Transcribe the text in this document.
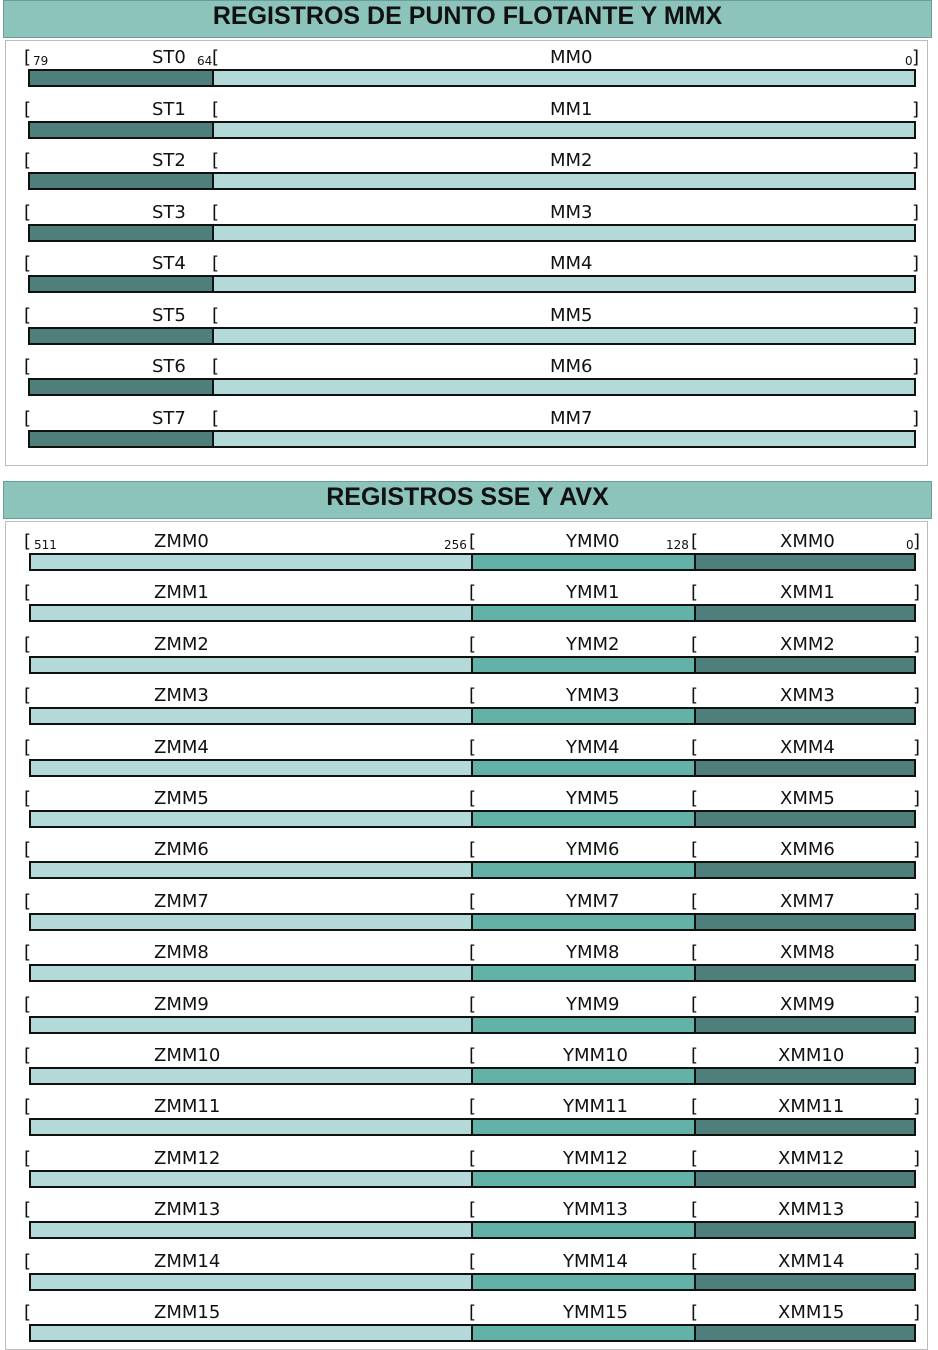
REGISTROS DE PUNTO FLOTANTE Y MMX
REGISTROS SSE Y AVX
[	ST0 [	MM0	]
79	64	0
[	ST1 [	MM1	]
[	ST2 [	MM2	]
[	ST3 [	MM3	]
[	ST4 [	MM4	]
[	ST5 [	MM5	]
[	ST6 [	MM6	]
[	ST7 [	MM7	]
[	ZMM0	[	YMM0	[	XMM0	]
511	256	128	0
[	ZMM1	[	YMM1	[	XMM1	]
[	ZMM2	[	YMM2	[	XMM2	]
[	ZMM3	[	YMM3	[	XMM3	]
[	ZMM4	[	YMM4	[	XMM4	]
[	ZMM5	[	YMM5	[	XMM5	]
[	ZMM6	[	YMM6	[	XMM6	]
[	ZMM7	[	YMM7	[	XMM7	]
[	ZMM8	[	YMM8	[	XMM8	]
[	ZMM9	[	YMM9	[	XMM9	]
[	ZMM10	[	YMM10	[	XMM10	]
[	ZMM11	[	YMM11	[	XMM11	]
[	ZMM12	[	YMM12	[	XMM12	]
[	ZMM13	[	YMM13	[	XMM13	]
[	ZMM14	[	YMM14	[	XMM14	]
[	ZMM15	[	YMM15	[	XMM15	]
